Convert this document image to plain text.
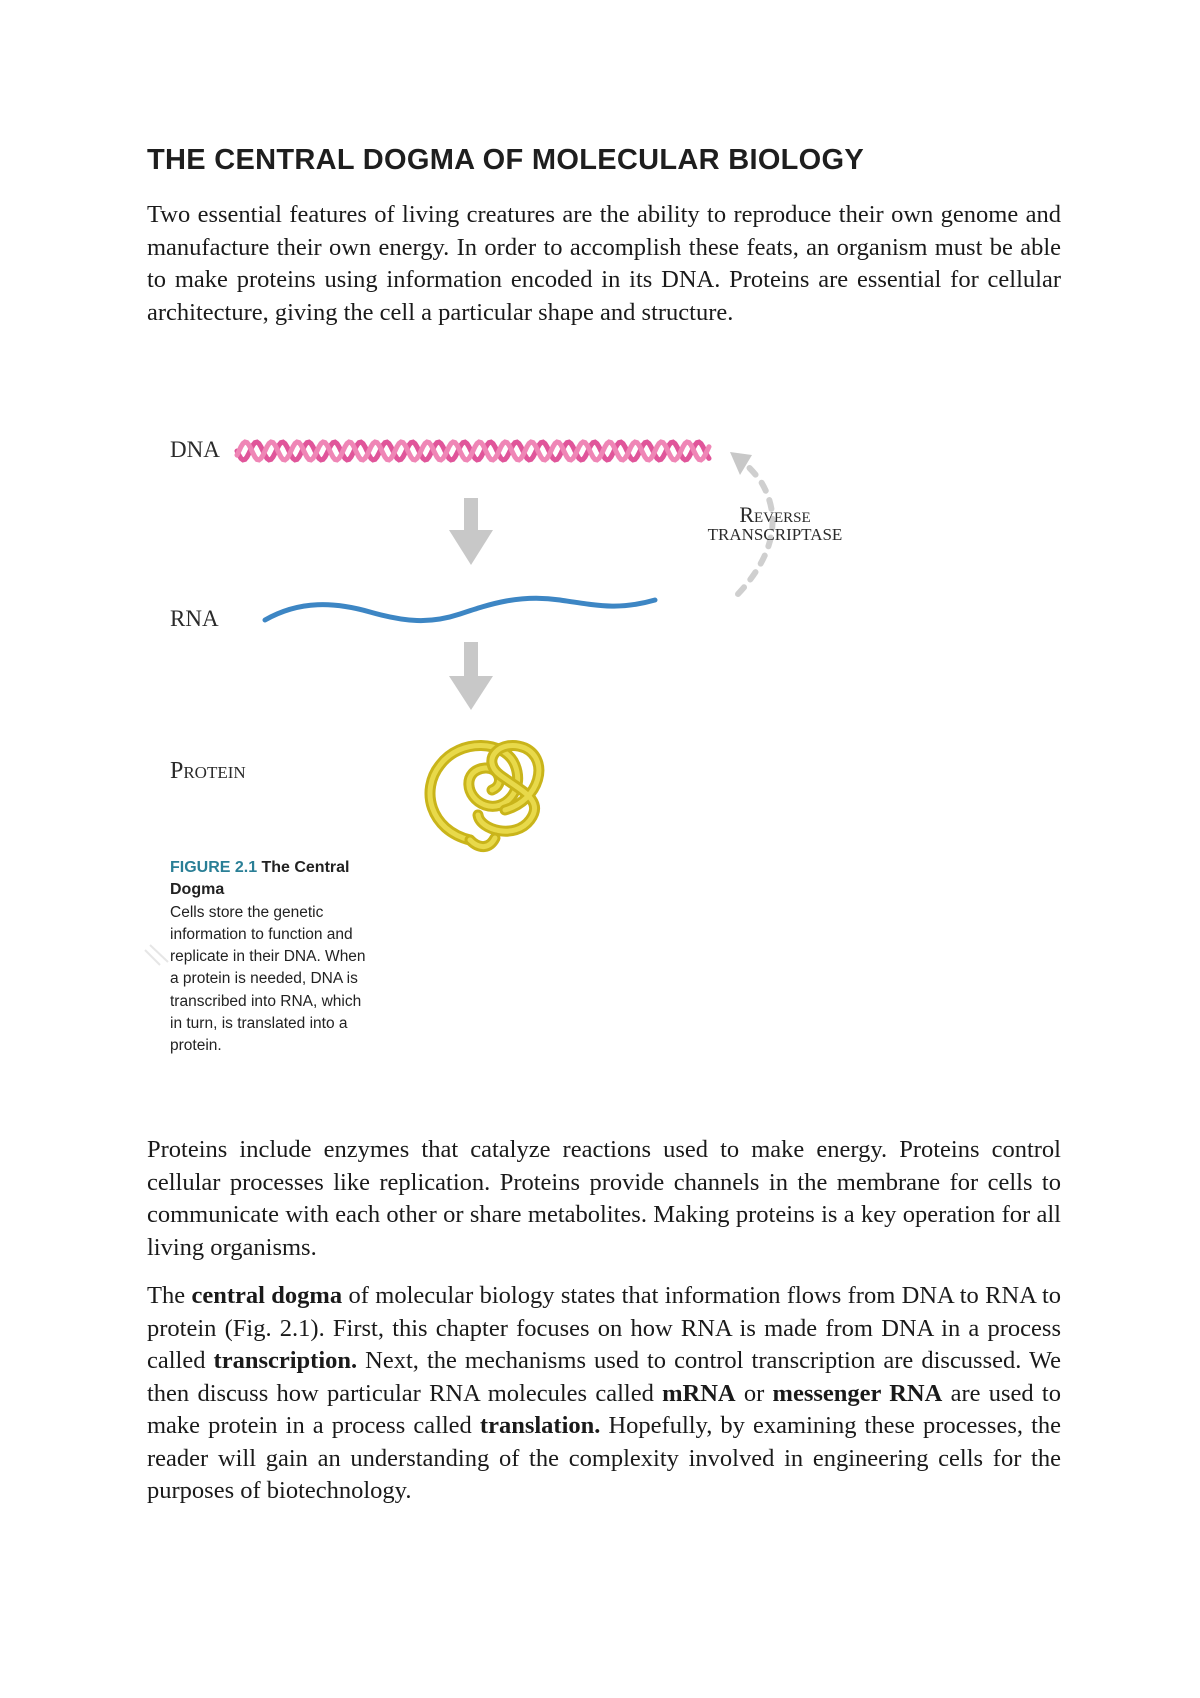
THE CENTRAL DOGMA OF MOLECULAR BIOLOGY

Two essential features of living creatures are the ability to reproduce their own genome and manufacture their own energy. In order to accomplish these feats, an organism must be able to make proteins using information encoded in its DNA. Proteins are essential for cellular architecture, giving the cell a particular shape and structure.

DNA
RNA
Protein
Reverse
TRANSCRIPTASE
FIGURE 2.1 The Central Dogma
Cells store the genetic information to function and replicate in their DNA. When a protein is needed, DNA is transcribed into RNA, which in turn, is translated into a protein.

Proteins include enzymes that catalyze reactions used to make energy. Proteins control cellular processes like replication. Proteins provide channels in the membrane for cells to communicate with each other or share metabolites. Making proteins is a key operation for all living organisms.

The central dogma of molecular biology states that information flows from DNA to RNA to protein (Fig. 2.1). First, this chapter focuses on how RNA is made from DNA in a process called transcription. Next, the mechanisms used to control transcription are discussed. We then discuss how particular RNA molecules called mRNA or messenger RNA are used to make protein in a process called translation. Hopefully, by examining these processes, the reader will gain an understanding of the complexity involved in engineering cells for the purposes of biotechnology.
